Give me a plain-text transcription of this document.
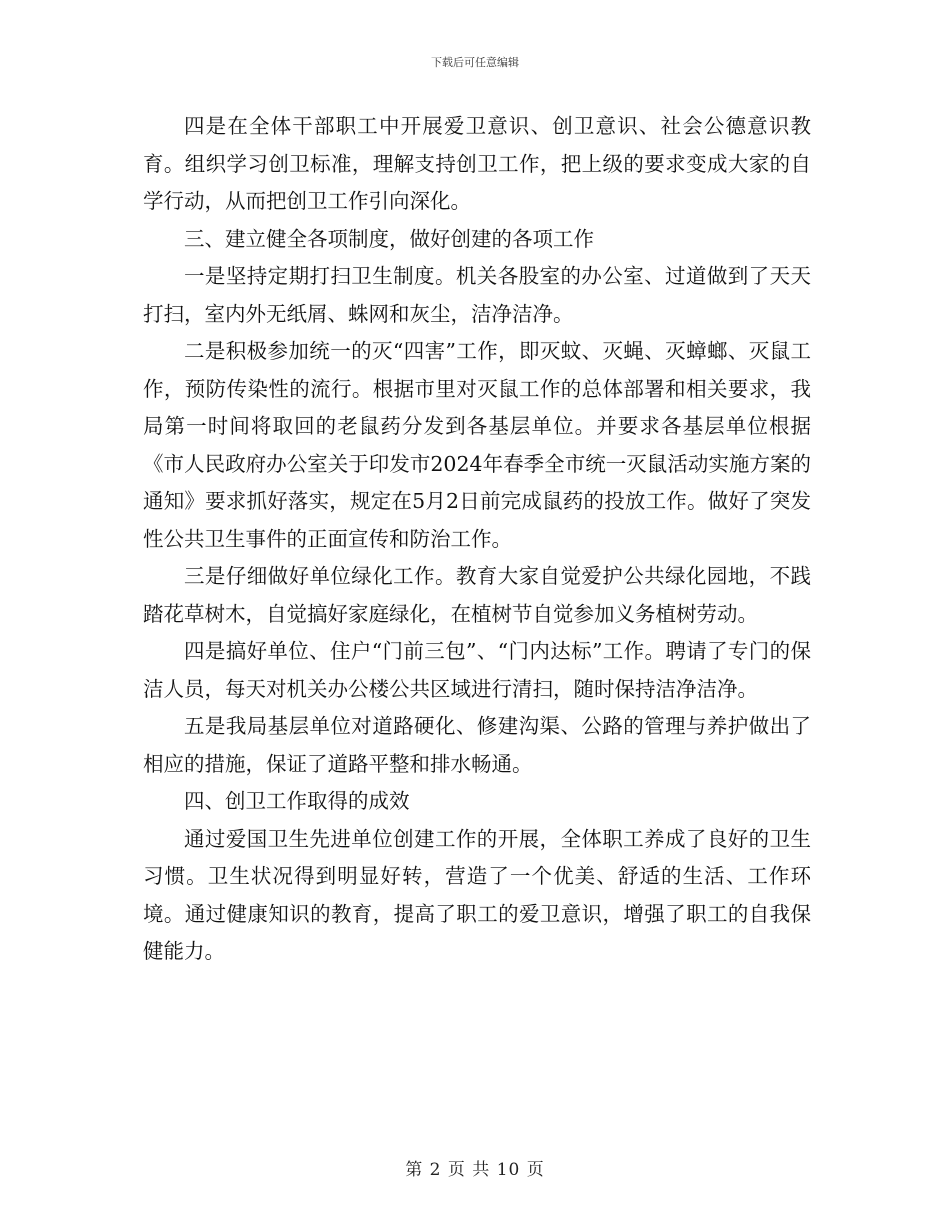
下载后可任意编辑

四是在全体干部职工中开展爱卫意识、创卫意识、社会公德意识教育。组织学习创卫标准，理解支持创卫工作，把上级的要求变成大家的自学行动，从而把创卫工作引向深化。

三、建立健全各项制度，做好创建的各项工作

一是坚持定期打扫卫生制度。机关各股室的办公室、过道做到了天天打扫，室内外无纸屑、蛛网和灰尘，洁净洁净。

二是积极参加统一的灭“四害”工作，即灭蚊、灭蝇、灭蟑螂、灭鼠工作，预防传染性的流行。根据市里对灭鼠工作的总体部署和相关要求，我局第一时间将取回的老鼠药分发到各基层单位。并要求各基层单位根据《市人民政府办公室关于印发市2024年春季全市统一灭鼠活动实施方案的通知》要求抓好落实，规定在5月2日前完成鼠药的投放工作。做好了突发性公共卫生事件的正面宣传和防治工作。

三是仔细做好单位绿化工作。教育大家自觉爱护公共绿化园地，不践踏花草树木，自觉搞好家庭绿化，在植树节自觉参加义务植树劳动。

四是搞好单位、住户“门前三包”、“门内达标”工作。聘请了专门的保洁人员，每天对机关办公楼公共区域进行清扫，随时保持洁净洁净。

五是我局基层单位对道路硬化、修建沟渠、公路的管理与养护做出了相应的措施，保证了道路平整和排水畅通。

四、创卫工作取得的成效

通过爱国卫生先进单位创建工作的开展，全体职工养成了良好的卫生习惯。卫生状况得到明显好转，营造了一个优美、舒适的生活、工作环境。通过健康知识的教育，提高了职工的爱卫意识，增强了职工的自我保健能力。

第 2 页 共 10 页
